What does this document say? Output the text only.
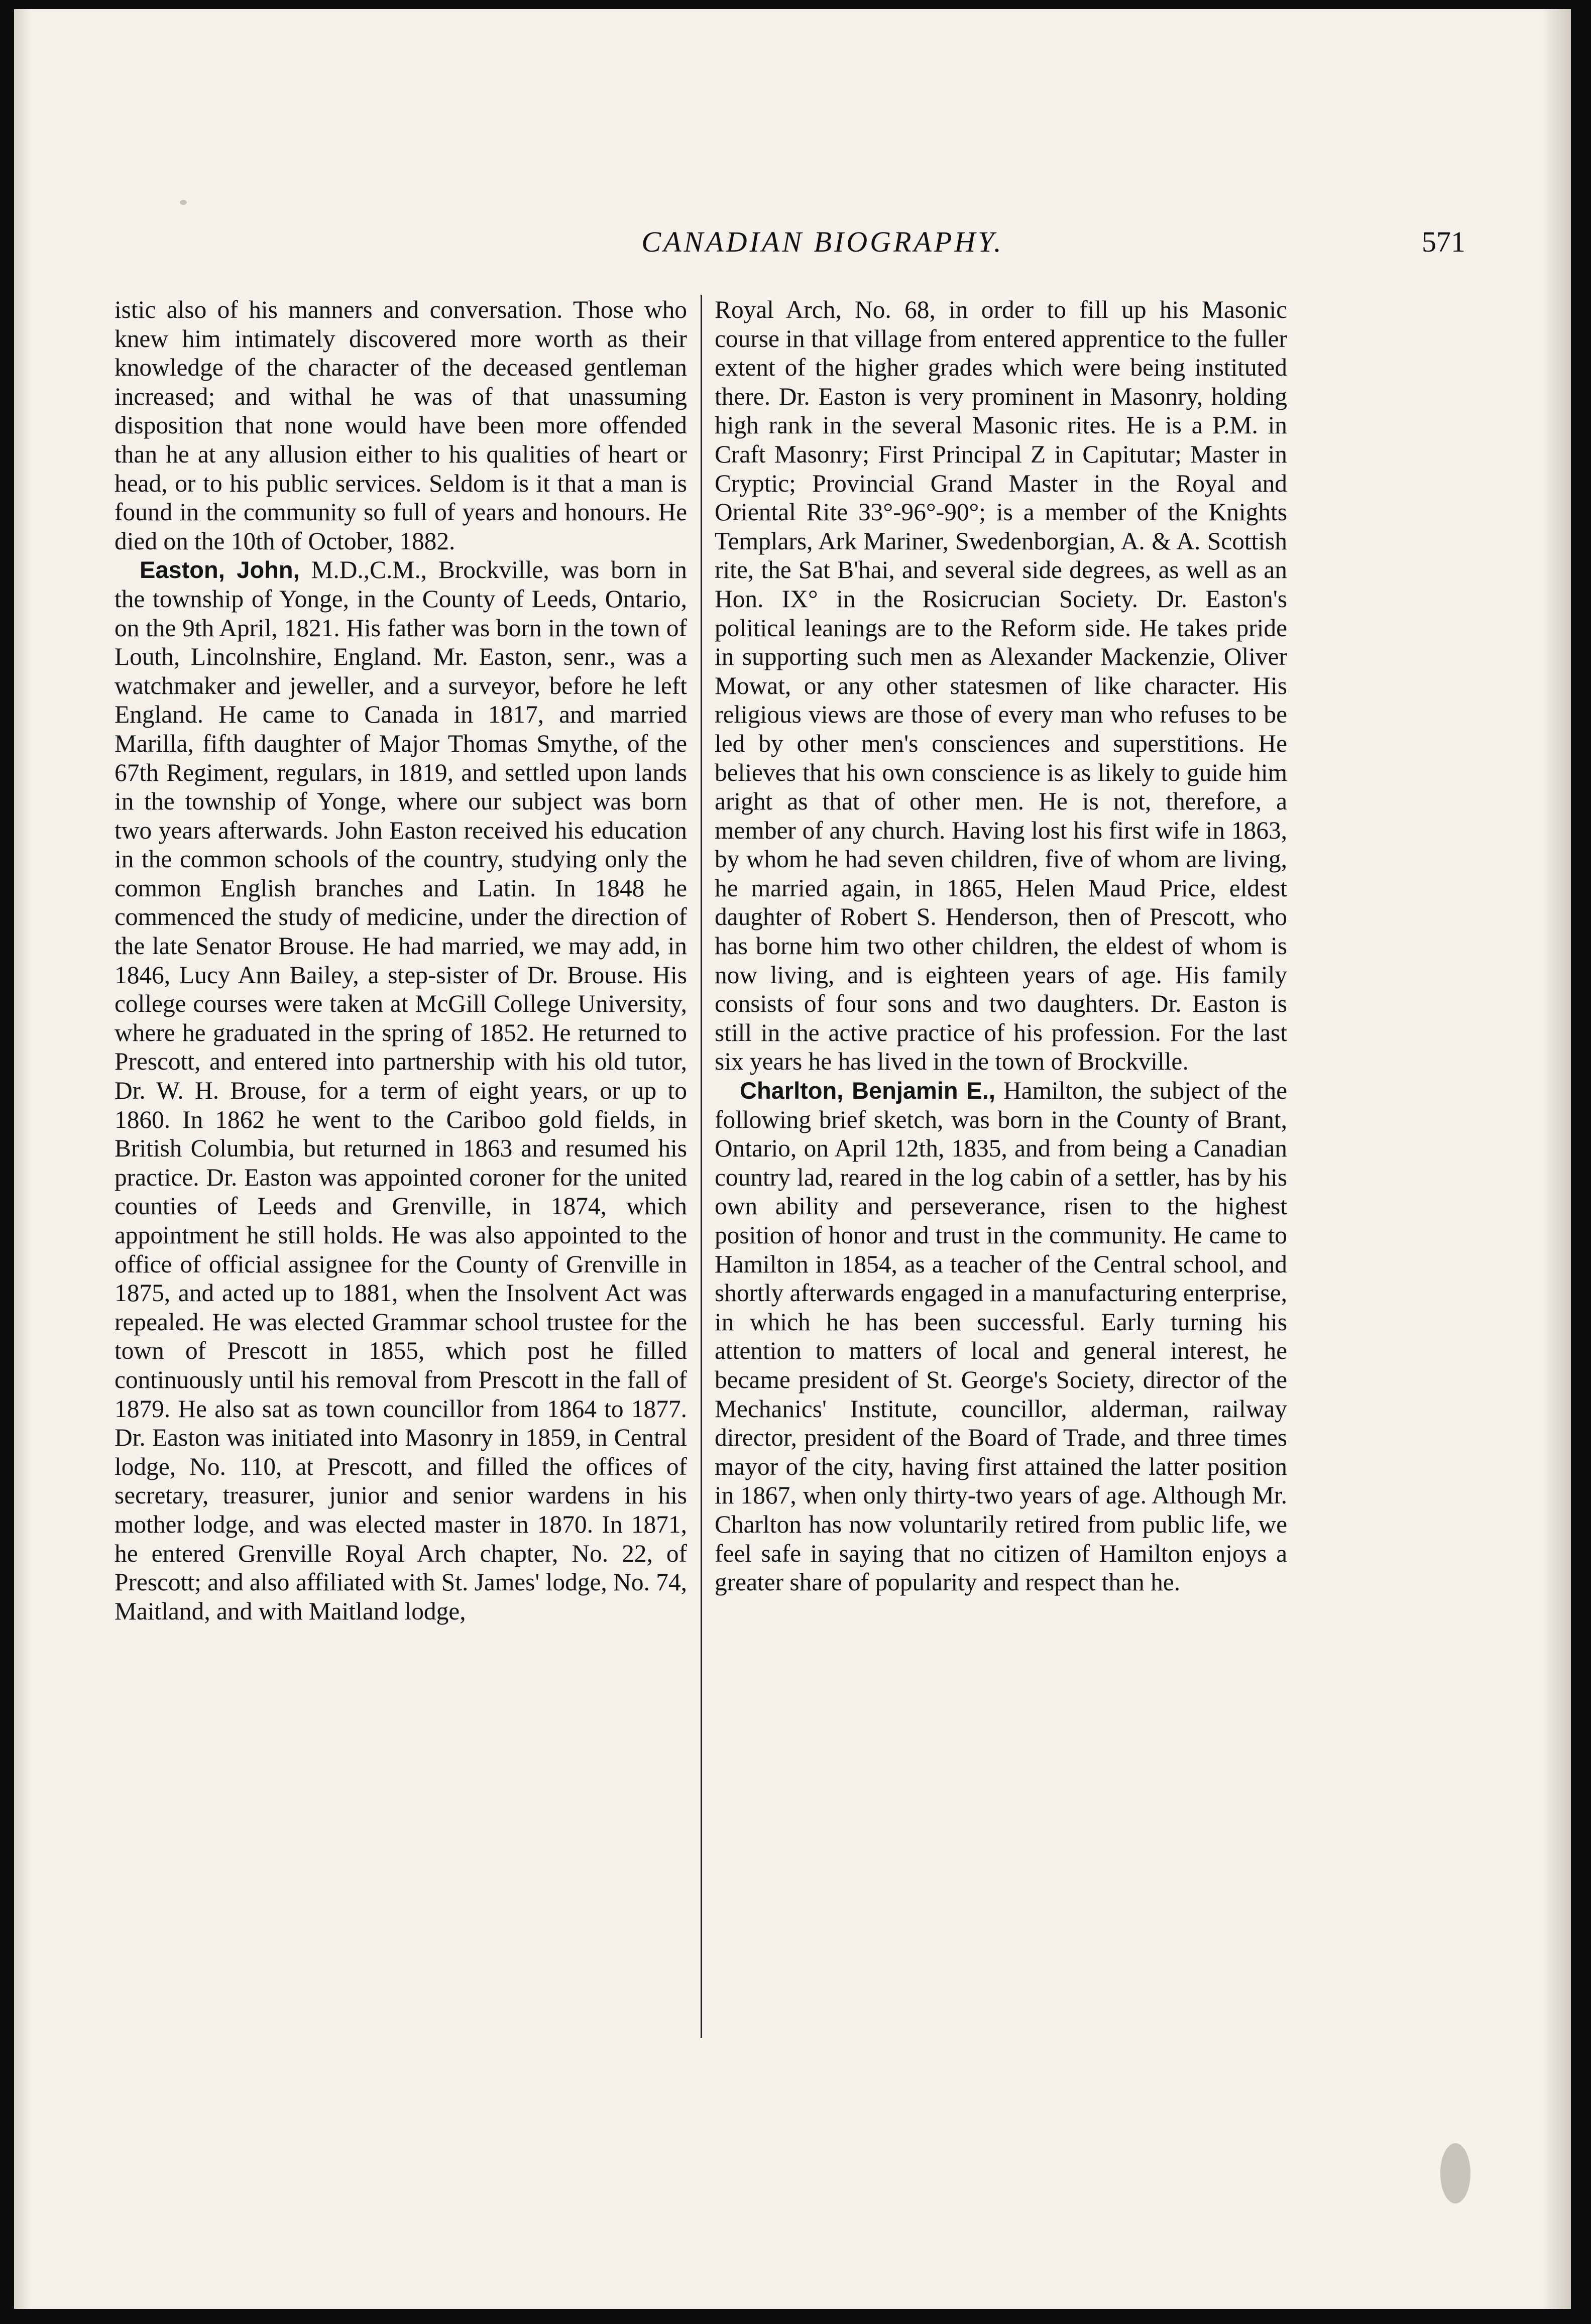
CANADIAN BIOGRAPHY.	571

istic also of his manners and conversation. Those who knew him intimately discovered more worth as their knowledge of the character of the deceased gentleman increased; and withal he was of that unassuming disposition that none would have been more offended than he at any allusion either to his qualities of heart or head, or to his public services. Seldom is it that a man is found in the community so full of years and honours. He died on the 10th of October, 1882.

Easton, John, M.D.,C.M., Brockville, was born in the township of Yonge, in the County of Leeds, Ontario, on the 9th April, 1821. His father was born in the town of Louth, Lincolnshire, England. Mr. Easton, senr., was a watchmaker and jeweller, and a surveyor, before he left England. He came to Canada in 1817, and married Marilla, fifth daughter of Major Thomas Smythe, of the 67th Regiment, regulars, in 1819, and settled upon lands in the township of Yonge, where our subject was born two years afterwards. John Easton received his education in the common schools of the country, studying only the common English branches and Latin. In 1848 he commenced the study of medicine, under the direction of the late Senator Brouse. He had married, we may add, in 1846, Lucy Ann Bailey, a step-sister of Dr. Brouse. His college courses were taken at McGill College University, where he graduated in the spring of 1852. He returned to Prescott, and entered into partnership with his old tutor, Dr. W. H. Brouse, for a term of eight years, or up to 1860. In 1862 he went to the Cariboo gold fields, in British Columbia, but returned in 1863 and resumed his practice. Dr. Easton was appointed coroner for the united counties of Leeds and Grenville, in 1874, which appointment he still holds. He was also appointed to the office of official assignee for the County of Grenville in 1875, and acted up to 1881, when the Insolvent Act was repealed. He was elected Grammar school trustee for the town of Prescott in 1855, which post he filled continuously until his removal from Prescott in the fall of 1879. He also sat as town councillor from 1864 to 1877. Dr. Easton was initiated into Masonry in 1859, in Central lodge, No. 110, at Prescott, and filled the offices of secretary, treasurer, junior and senior wardens in his mother lodge, and was elected master in 1870. In 1871, he entered Grenville Royal Arch chapter, No. 22, of Prescott; and also affiliated with St. James' lodge, No. 74, Maitland, and with Maitland lodge,

Royal Arch, No. 68, in order to fill up his Masonic course in that village from entered apprentice to the fuller extent of the higher grades which were being instituted there. Dr. Easton is very prominent in Masonry, holding high rank in the several Masonic rites. He is a P.M. in Craft Masonry; First Principal Z in Capitutar; Master in Cryptic; Provincial Grand Master in the Royal and Oriental Rite 33°-96°-90°; is a member of the Knights Templars, Ark Mariner, Swedenborgian, A. & A. Scottish rite, the Sat B'hai, and several side degrees, as well as an Hon. IX° in the Rosicrucian Society. Dr. Easton's political leanings are to the Reform side. He takes pride in supporting such men as Alexander Mackenzie, Oliver Mowat, or any other statesmen of like character. His religious views are those of every man who refuses to be led by other men's consciences and superstitions. He believes that his own conscience is as likely to guide him aright as that of other men. He is not, therefore, a member of any church. Having lost his first wife in 1863, by whom he had seven children, five of whom are living, he married again, in 1865, Helen Maud Price, eldest daughter of Robert S. Henderson, then of Prescott, who has borne him two other children, the eldest of whom is now living, and is eighteen years of age. His family consists of four sons and two daughters. Dr. Easton is still in the active practice of his profession. For the last six years he has lived in the town of Brockville.

Charlton, Benjamin E., Hamilton, the subject of the following brief sketch, was born in the County of Brant, Ontario, on April 12th, 1835, and from being a Canadian country lad, reared in the log cabin of a settler, has by his own ability and perseverance, risen to the highest position of honor and trust in the community. He came to Hamilton in 1854, as a teacher of the Central school, and shortly afterwards engaged in a manufacturing enterprise, in which he has been successful. Early turning his attention to matters of local and general interest, he became president of St. George's Society, director of the Mechanics' Institute, councillor, alderman, railway director, president of the Board of Trade, and three times mayor of the city, having first attained the latter position in 1867, when only thirty-two years of age. Although Mr. Charlton has now voluntarily retired from public life, we feel safe in saying that no citizen of Hamilton enjoys a greater share of popularity and respect than he.
